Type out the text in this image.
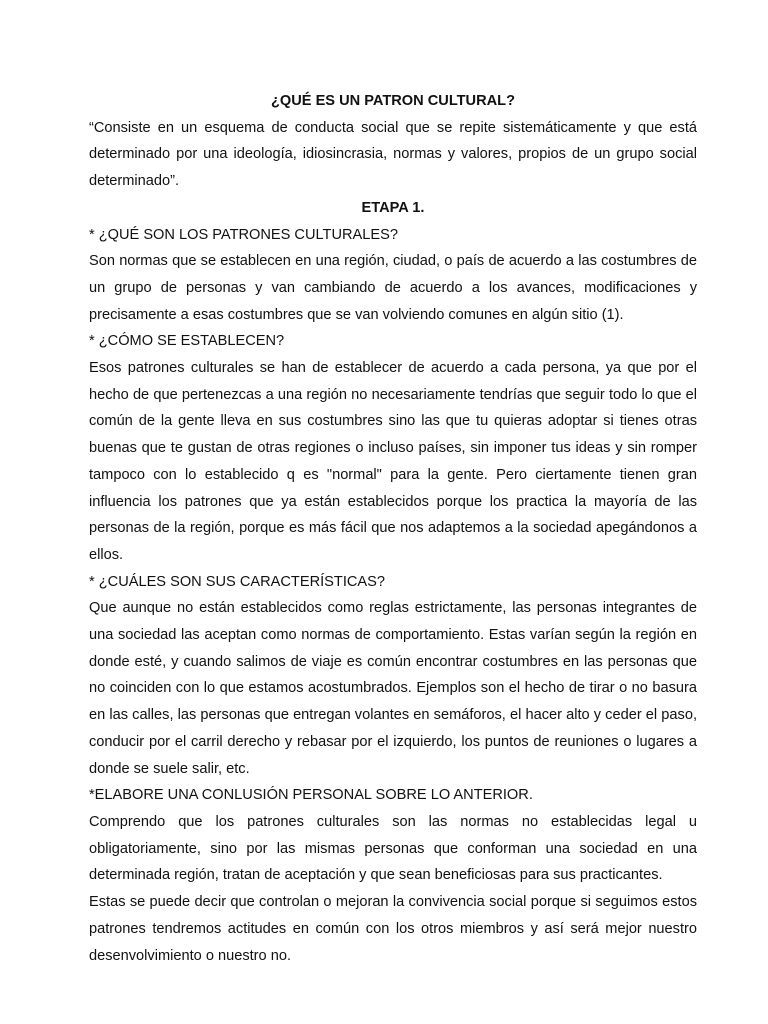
¿QUÉ ES UN PATRON CULTURAL?

“Consiste en un esquema de conducta social que se repite sistemáticamente y que está determinado por una ideología, idiosincrasia, normas y valores, propios de un grupo social determinado”.

ETAPA 1.

* ¿QUÉ SON LOS PATRONES CULTURALES?

Son normas que se establecen en una región, ciudad, o país de acuerdo a las costumbres de un grupo de personas y van cambiando de acuerdo a los avances, modificaciones y precisamente a esas costumbres que se van volviendo comunes en algún sitio (1).

* ¿CÓMO SE ESTABLECEN?

Esos patrones culturales se han de establecer de acuerdo a cada persona, ya que por el hecho de que pertenezcas a una región no necesariamente tendrías que seguir todo lo que el común de la gente lleva en sus costumbres sino las que tu quieras adoptar si tienes otras buenas que te gustan de otras regiones o incluso países, sin imponer tus ideas y sin romper tampoco con lo establecido q es "normal" para la gente. Pero ciertamente tienen gran influencia los patrones que ya están establecidos porque los practica la mayoría de las personas de la región, porque es más fácil que nos adaptemos a la sociedad apegándonos a ellos.

* ¿CUÁLES SON SUS CARACTERÍSTICAS?

Que aunque no están establecidos como reglas estrictamente, las personas integrantes de una sociedad las aceptan como normas de comportamiento. Estas varían según la región en donde esté, y cuando salimos de viaje es común encontrar costumbres en las personas que no coinciden con lo que estamos acostumbrados. Ejemplos son el hecho de tirar o no basura en las calles, las personas que entregan volantes en semáforos, el hacer alto y ceder el paso, conducir por el carril derecho y rebasar por el izquierdo, los puntos de reuniones o lugares a donde se suele salir, etc.

*ELABORE UNA CONLUSIÓN PERSONAL SOBRE LO ANTERIOR.

Comprendo que los patrones culturales son las normas no establecidas legal u obligatoriamente, sino por las mismas personas que conforman una sociedad en una determinada región, tratan de aceptación y que sean beneficiosas para sus practicantes.

Estas se puede decir que controlan o mejoran la convivencia social porque si seguimos estos patrones tendremos actitudes en común con los otros miembros y así será mejor nuestro desenvolvimiento o nuestro no.
